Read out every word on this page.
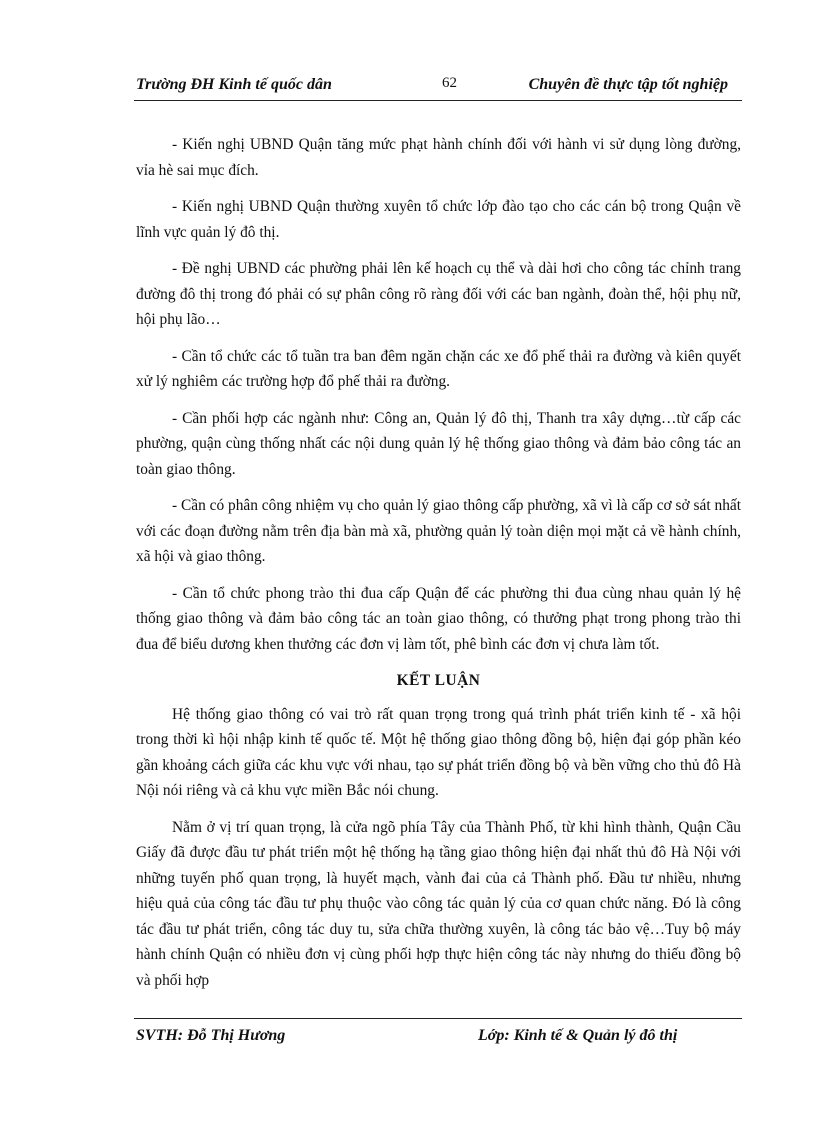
Trường ĐH Kinh tế quốc dân	62	Chuyên đề thực tập tốt nghiệp

- Kiến nghị UBND Quận tăng mức phạt hành chính đối với hành vi sử dụng lòng đường, vỉa hè sai mục đích.

- Kiến nghị UBND Quận thường xuyên tổ chức lớp đào tạo cho các cán bộ trong Quận về lĩnh vực quản lý đô thị.

- Đề nghị UBND các phường phải lên kế hoạch cụ thể và dài hơi cho công tác chỉnh trang đường đô thị trong đó phải có sự phân công rõ ràng đối với các ban ngành, đoàn thể, hội phụ nữ, hội phụ lão…

- Cần tổ chức các tổ tuần tra ban đêm ngăn chặn các xe đổ phế thải ra đường và kiên quyết xử lý nghiêm các trường hợp đổ phế thải ra đường.

- Cần phối hợp các ngành như: Công an, Quản lý đô thị, Thanh tra xây dựng…từ cấp các phường, quận cùng thống nhất các nội dung quản lý hệ thống giao thông và đảm bảo công tác an toàn giao thông.

- Cần có phân công nhiệm vụ cho quản lý giao thông cấp phường, xã vì là cấp cơ sở sát nhất với các đoạn đường nằm trên địa bàn mà xã, phường quản lý toàn diện mọi mặt cả về hành chính, xã hội và giao thông.

- Cần tổ chức phong trào thi đua cấp Quận để các phường thi đua cùng nhau quản lý hệ thống giao thông và đảm bảo công tác an toàn giao thông, có thưởng phạt trong phong trào thi đua để biểu dương khen thưởng các đơn vị làm tốt, phê bình các đơn vị chưa làm tốt.

KẾT LUẬN

Hệ thống giao thông có vai trò rất quan trọng trong quá trình phát triển kinh tế - xã hội trong thời kì hội nhập kinh tế quốc tế. Một hệ thống giao thông đồng bộ, hiện đại góp phần kéo gần khoảng cách giữa các khu vực với nhau, tạo sự phát triển đồng bộ và bền vững cho thủ đô Hà Nội nói riêng và cả khu vực miền Bắc nói chung.

Nằm ở vị trí quan trọng, là cửa ngõ phía Tây của Thành Phố, từ khi hình thành, Quận Cầu Giấy đã được đầu tư phát triển một hệ thống hạ tầng giao thông hiện đại nhất thủ đô Hà Nội với những tuyến phố quan trọng, là huyết mạch, vành đai của cả Thành phố. Đầu tư nhiều, nhưng hiệu quả của công tác đầu tư phụ thuộc vào công tác quản lý của cơ quan chức năng. Đó là công tác đầu tư phát triển, công tác duy tu, sửa chữa thường xuyên, là công tác bảo vệ…Tuy bộ máy hành chính Quận có nhiều đơn vị cùng phối hợp thực hiện công tác này nhưng do thiếu đồng bộ và phối hợp

SVTH: Đỗ Thị Hương	Lớp: Kinh tế & Quản lý đô thị
